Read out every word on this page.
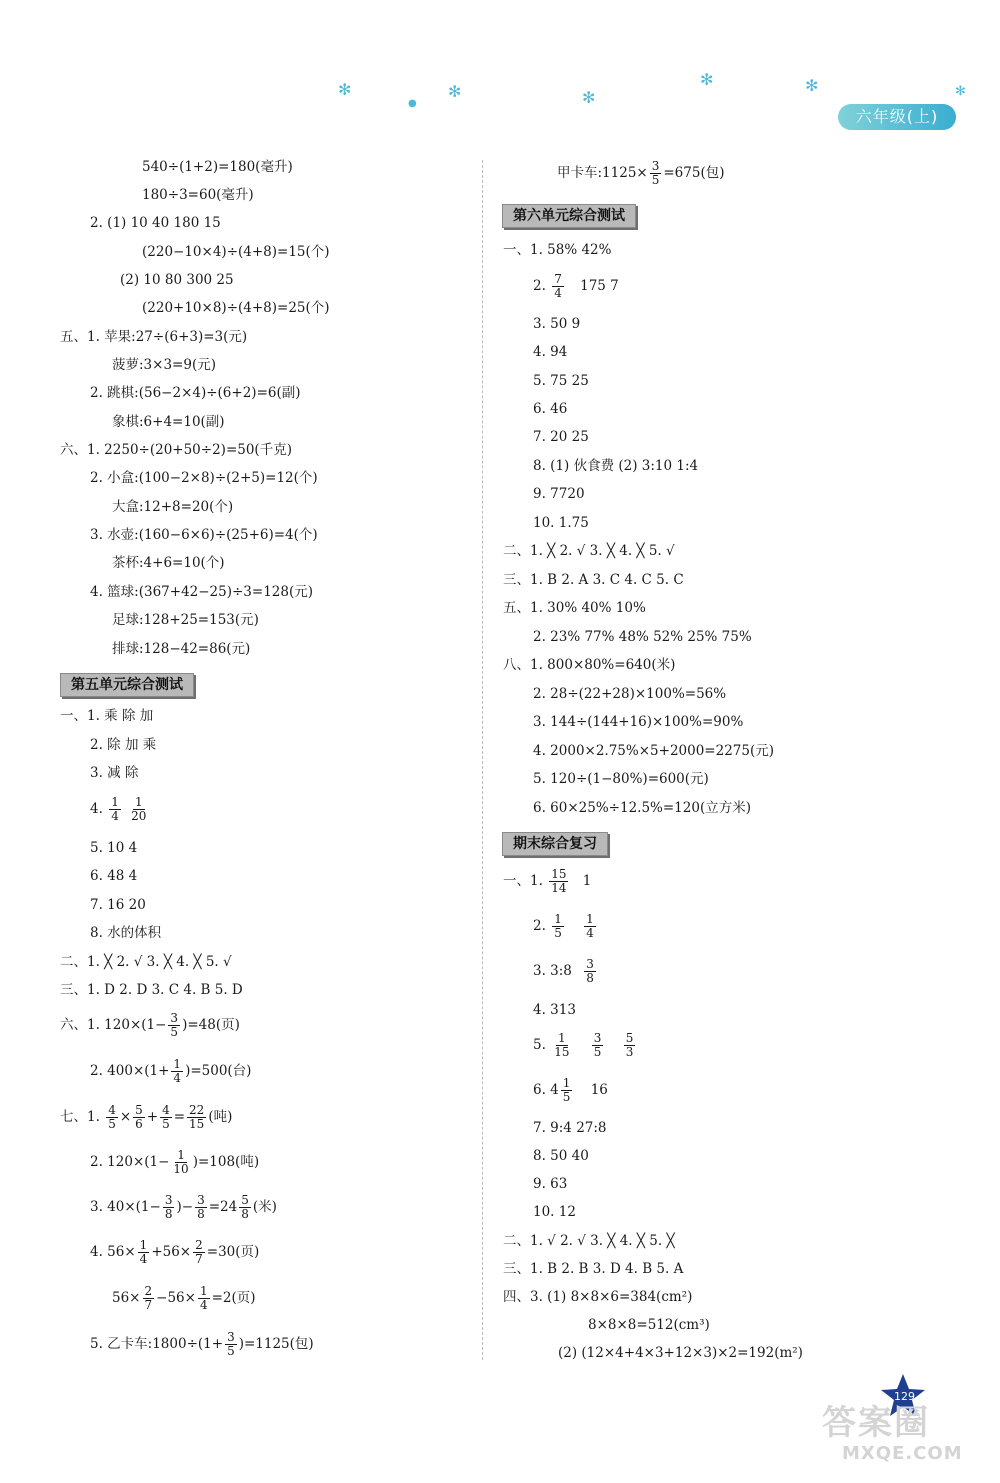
✻	✻	✻
✻	✻	✻
●
六年级(上)
540÷(1+2)=180(毫升)
180÷3=60(毫升)
2. (1) 10 40 180 15
(220−10×4)÷(4+8)=15(个)
(2) 10 80 300 25
(220+10×8)÷(4+8)=25(个)
五、1. 苹果:27÷(6+3)=3(元)
菠萝:3×3=9(元)
2. 跳棋:(56−2×4)÷(6+2)=6(副)
象棋:6+4=10(副)
六、1. 2250÷(20+50÷2)=50(千克)
2. 小盒:(100−2×8)÷(2+5)=12(个)
大盒:12+8=20(个)
3. 水壶:(160−6×6)÷(25+6)=4(个)
茶杯:4+6=10(个)
4. 篮球:(367+42−25)÷3=128(元)
足球:128+25=153(元)
排球:128−42=86(元)
第五单元综合测试
一、1. 乘 除 加
2. 除 加 乘
3. 减 除
4. $\frac{1}{4}$
$\frac{1}{20}$
5. 10 4
6. 48 4
7. 16 20
8. 水的体积
二、1. ╳ 2. √ 3. ╳ 4. ╳ 5. √
三、1. D 2. D 3. C 4. B 5. D
六、1. $120\times(1- \frac{3}{5} )=48$(页)
2. $400\times(1+ \frac{1}{4} )=500$(台)
七、1. $\frac{4}{5} \times \frac{5}{6} + \frac{4}{5} = \frac{22}{15}$ (吨)
2. $120\times(1- \frac{1}{10} )=108$(吨)
3. $40\times(1- \frac{3}{8}$ )− $\frac{3}{8} =24 \frac{5}{8}$ (米)
4. $56\times \frac{1}{4} +56\times \frac{2}{7} =30$(页)
$56\times \frac{2}{7} -56\times \frac{1}{4} =2$(页)
5. 乙卡车:1800÷(1+ $\frac{3}{5} )=1125$(包)
甲卡车:1125× $\frac{3}{5} =675$(包)
第六单元综合测试
一、1. 58% 42%
2. $\frac{7}{4} 175$ 7
3. 50 9
4. 94
5. 75 25
6. 46
7. 20 25
8. (1) 伙食费 (2) 3:10 1:4
9. 7720
10. 1.75
二、1. ╳ 2. √ 3. ╳ 4. ╳ 5. √
三、1. B 2. A 3. C 4. C 5. C
五、1. 30% 40% 10%
2. 23% 77% 48% 52% 25% 75%
八、1. 800×80%=640(米)
2. 28÷(22+28)×100%=56%
3. 144÷(144+16)×100%=90%
4. 2000×2.75%×5+2000=2275(元)
5. 120÷(1−80%)=600(元)
6. 60×25%÷12.5%=120(立方米)
期末综合复习
一、1. $\frac{15}{14} 1$
2. $\frac{1}{5}$
$\frac{1}{4}$
3. 3:8 $\frac{3}{8}$
4. 313
5. $\frac{1}{15}$
$\frac{3}{5}$
$\frac{5}{3}$
6. $4 \frac{1}{5} 16$
7. 9:4 27:8
8. 50 40
9. 63
10. 12
二、1. √ 2. √ 3. ╳ 4. ╳ 5. ╳
三、1. B 2. B 3. D 4. B 5. A
四、3. (1) 8×8×6=384(cm²)
8×8×8=512(cm³)
(2) (12×4+4×3+12×3)×2=192(m²)
129
答案圈
MXQE.COM
